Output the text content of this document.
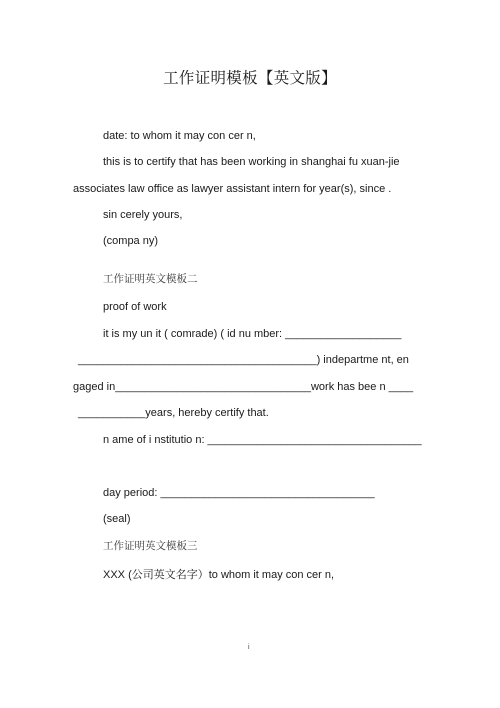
工作证明模板【英文版】
date: to whom it may con cer n,
this is to certify that has been working in shanghai fu xuan-jie
associates law office as lawyer assistant intern for year(s), since .
sin cerely yours,
(compa ny)
工作证明英文模板二
proof of work
it is my un it ( comrade) ( id nu mber: ___________________
_______________________________________) indepartme nt, en
gaged in________________________________work has bee n ____
___________years, hereby certify that.
n ame of i nstitutio n: ___________________________________
day period: ___________________________________
(seal)
工作证明英文模板三
XXX (公司英文名字）to whom it may con cer n,
i
